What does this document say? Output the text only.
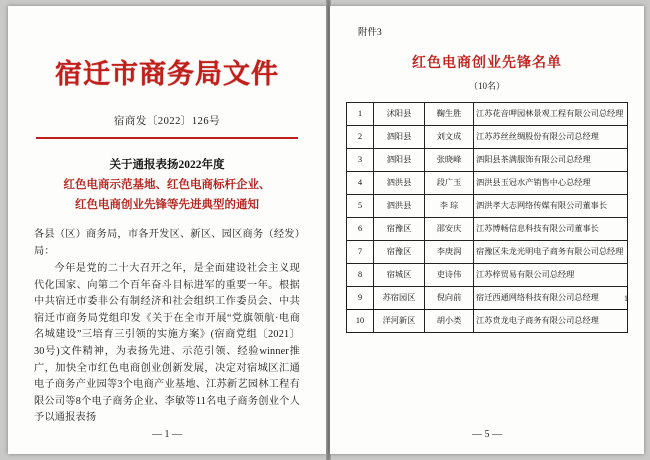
宿迁市商务局文件
宿商发〔2022〕126号
关于通报表扬2022年度
红色电商示范基地、红色电商标杆企业、
红色电商创业先锋等先进典型的通知

各县（区）商务局，市各开发区、新区、园区商务（经发）局：

今年是党的二十大召开之年，是全面建设社会主义现代化国家、向第二个百年奋斗目标进军的重要一年。根据中共宿迁市委非公有制经济和社会组织工作委员会、中共宿迁市商务局党组印发《关于在全市开展“党旗领航·电商名城建设”三培育三引领的实施方案》(宿商党组〔2021〕30号)文件精神，为表扬先进、示范引领、经验winner推广，加快全市红色电商创业创新发展，决定对宿城区汇通电子商务产业园等3个电商产业基地、江苏新艺园林工程有限公司等8个电子商务企业、李敏等11名电子商务创业个人予以通报表扬

— 1 —
附件3
红色电商创业先锋名单
（10名）
1	沭阳县	鞠生胜	江苏花音呷园林景观工程有限公司总经理
2	泗阳县	刘文成	江苏苏丝丝绸股份有限公司总经理
3	泗阳县	张晓峰	泗阳县茶满服饰有限公司总经理
4	泗洪县	段广玉	泗洪县玉冠水产销售中心总经理
5	泗洪县	李 琮	泗洪孝大志网络传媒有限公司董事长
6	宿豫区	邵安庆	江苏博畅信息科技有限公司董事长
7	宿豫区	李庚润	宿豫区朱龙光明电子商务有限公司总经理
8	宿城区	吏诗伟	江苏梓贸易有限公司总经理
9	苏宿园区	倪向前	宿迁西通网络科技有限公司总经理
10	洋河新区	胡小类	江苏贲龙电子商务有限公司总经理
1
— 5 —
